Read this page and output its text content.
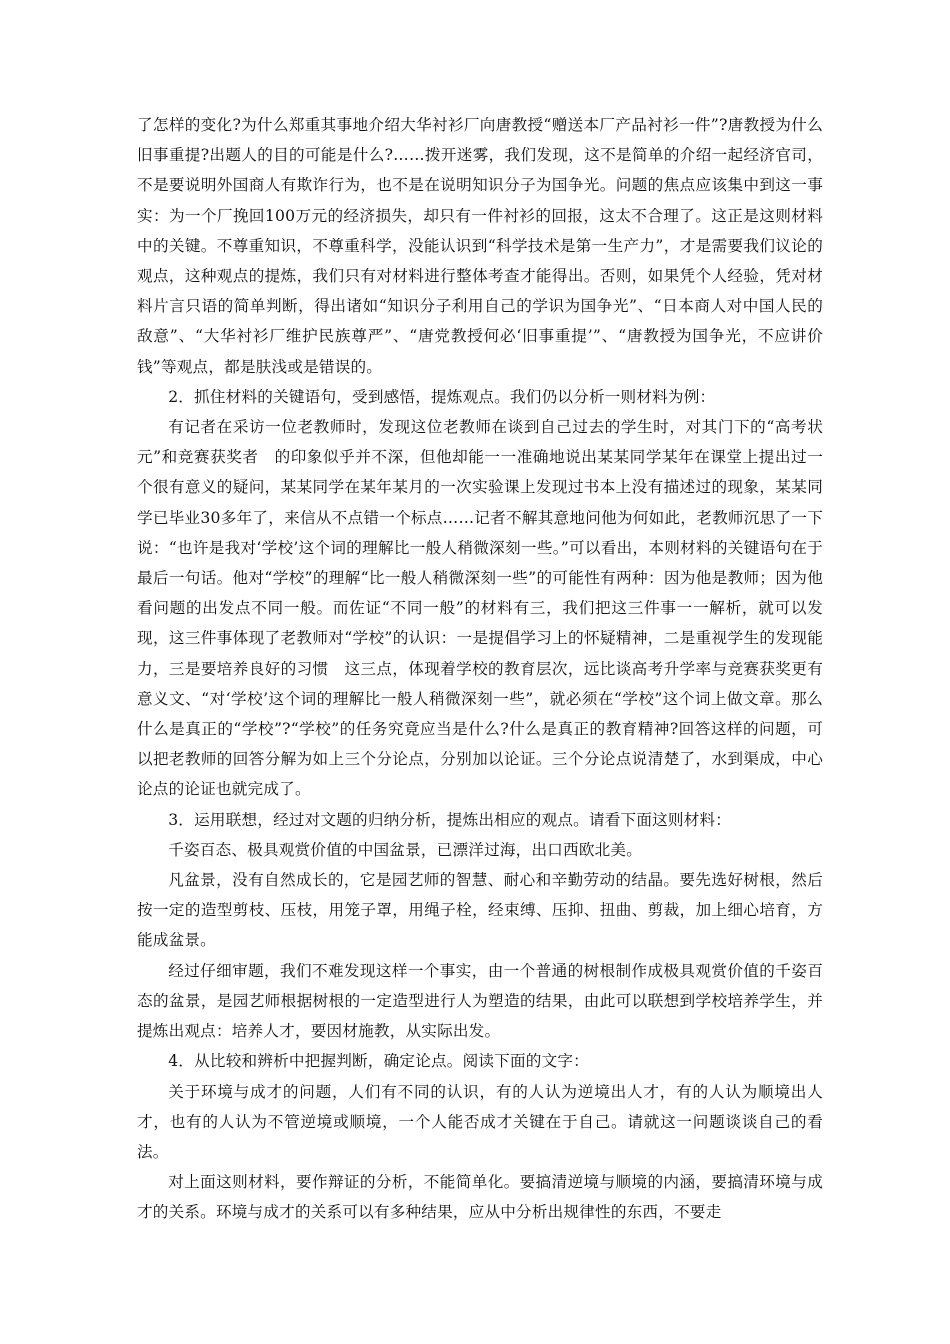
了怎样的变化?为什么郑重其事地介绍大华衬衫厂向唐教授“赠送本厂产品衬衫一件”?唐教授为什么旧事重提?出题人的目的可能是什么?……拨开迷雾，我们发现，这不是简单的介绍一起经济官司，不是要说明外国商人有欺诈行为，也不是在说明知识分子为国争光。问题的焦点应该集中到这一事实：为一个厂挽回100万元的经济损失，却只有一件衬衫的回报，这太不合理了。这正是这则材料中的关键。不尊重知识，不尊重科学，没能认识到“科学技术是第一生产力”，才是需要我们议论的观点，这种观点的提炼，我们只有对材料进行整体考查才能得出。否则，如果凭个人经验，凭对材料片言只语的简单判断，得出诸如“知识分子利用自己的学识为国争光”、“日本商人对中国人民的敌意”、“大华衬衫厂维护民族尊严”、“唐党教授何必‘旧事重提’”、“唐教授为国争光，不应讲价钱”等观点，都是肤浅或是错误的。

2．抓住材料的关键语句，受到感悟，提炼观点。我们仍以分析一则材料为例：

有记者在采访一位老教师时，发现这位老教师在谈到自己过去的学生时，对其门下的“高考状元”和竞赛获奖者　的印象似乎并不深，但他却能一一准确地说出某某同学某年在课堂上提出过一个很有意义的疑问，某某同学在某年某月的一次实验课上发现过书本上没有描述过的现象，某某同学已毕业30多年了，来信从不点错一个标点……记者不解其意地问他为何如此，老教师沉思了一下说：“也许是我对‘学校’这个词的理解比一般人稍微深刻一些。”可以看出，本则材料的关键语句在于最后一句话。他对“学校”的理解“比一般人稍微深刻一些”的可能性有两种：因为他是教师；因为他看问题的出发点不同一般。而佐证“不同一般”的材料有三，我们把这三件事一一解析，就可以发现，这三件事体现了老教师对“学校”的认识：一是提倡学习上的怀疑精神，二是重视学生的发现能力，三是要培养良好的习惯　这三点，体现着学校的教育层次，远比谈高考升学率与竞赛获奖更有意义文、“对‘学校’这个词的理解比一般人稍微深刻一些”，就必须在“学校”这个词上做文章。那么什么是真正的“学校”?“学校”的任务究竟应当是什么?什么是真正的教育精神?回答这样的问题，可以把老教师的回答分解为如上三个分论点，分别加以论证。三个分论点说清楚了，水到渠成，中心论点的论证也就完成了。

3．运用联想，经过对文题的归纳分析，提炼出相应的观点。请看下面这则材料：

千姿百态、极具观赏价值的中国盆景，已漂洋过海，出口西欧北美。

凡盆景，没有自然成长的，它是园艺师的智慧、耐心和辛勤劳动的结晶。要先选好树根，然后按一定的造型剪枝、压枝，用笼子罩，用绳子栓，经束缚、压抑、扭曲、剪裁，加上细心培育，方能成盆景。

经过仔细审题，我们不难发现这样一个事实，由一个普通的树根制作成极具观赏价值的千姿百态的盆景，是园艺师根据树根的一定造型进行人为塑造的结果，由此可以联想到学校培养学生，并提炼出观点：培养人才，要因材施教，从实际出发。

4．从比较和辨析中把握判断，确定论点。阅读下面的文字：

关于环境与成才的问题，人们有不同的认识，有的人认为逆境出人才，有的人认为顺境出人才，也有的人认为不管逆境或顺境，一个人能否成才关键在于自己。请就这一问题谈谈自己的看法。

对上面这则材料，要作辩证的分析，不能简单化。要搞清逆境与顺境的内涵，要搞清环境与成才的关系。环境与成才的关系可以有多种结果，应从中分析出规律性的东西，不要走
